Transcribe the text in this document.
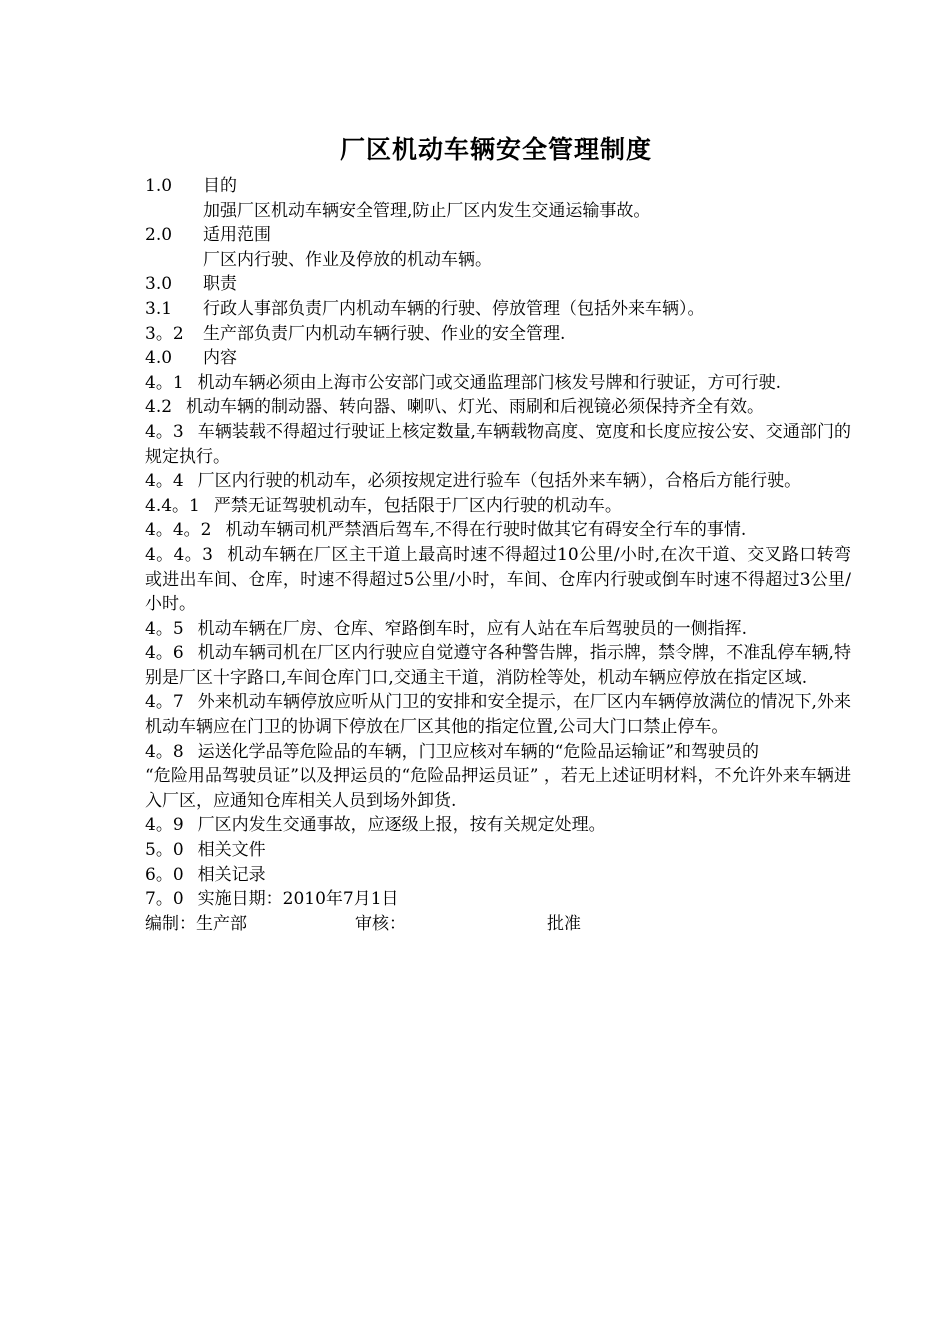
厂区机动车辆安全管理制度

1.0 目的

加强厂区机动车辆安全管理,防止厂区内发生交通运输事故。

2.0 适用范围

厂区内行驶、作业及停放的机动车辆。

3.0 职责

3.1 行政人事部负责厂内机动车辆的行驶、停放管理（包括外来车辆）。

3。2 生产部负责厂内机动车辆行驶、作业的安全管理.

4.0 内容

4。1 机动车辆必须由上海市公安部门或交通监理部门核发号牌和行驶证，方可行驶.

4.2 机动车辆的制动器、转向器、喇叭、灯光、雨刷和后视镜必须保持齐全有效。

4。3 车辆装载不得超过行驶证上核定数量,车辆载物高度、宽度和长度应按公安、交通部门的规定执行。

4。4 厂区内行驶的机动车，必须按规定进行验车（包括外来车辆），合格后方能行驶。

4.4。1 严禁无证驾驶机动车，包括限于厂区内行驶的机动车。

4。4。2 机动车辆司机严禁酒后驾车,不得在行驶时做其它有碍安全行车的事情.

4。4。3 机动车辆在厂区主干道上最高时速不得超过10公里/小时,在次干道、交叉路口转弯或进出车间、仓库，时速不得超过5公里/小时，车间、仓库内行驶或倒车时速不得超过3公里/小时。

4。5 机动车辆在厂房、仓库、窄路倒车时，应有人站在车后驾驶员的一侧指挥.

4。6 机动车辆司机在厂区内行驶应自觉遵守各种警告牌，指示牌，禁令牌，不准乱停车辆,特别是厂区十字路口,车间仓库门口,交通主干道，消防栓等处，机动车辆应停放在指定区域.

4。7 外来机动车辆停放应听从门卫的安排和安全提示，在厂区内车辆停放满位的情况下,外来机动车辆应在门卫的协调下停放在厂区其他的指定位置,公司大门口禁止停车。

4。8 运送化学品等危险品的车辆，门卫应核对车辆的“危险品运输证”和驾驶员的

“危险用品驾驶员证”以及押运员的“危险品押运员证” ，若无上述证明材料，不允许外来车辆进入厂区，应通知仓库相关人员到场外卸货.

4。9 厂区内发生交通事故，应逐级上报，按有关规定处理。

5。0 相关文件

6。0 相关记录

7。0 实施日期：2010年7月1日

编制：生产部	审核：	批准
